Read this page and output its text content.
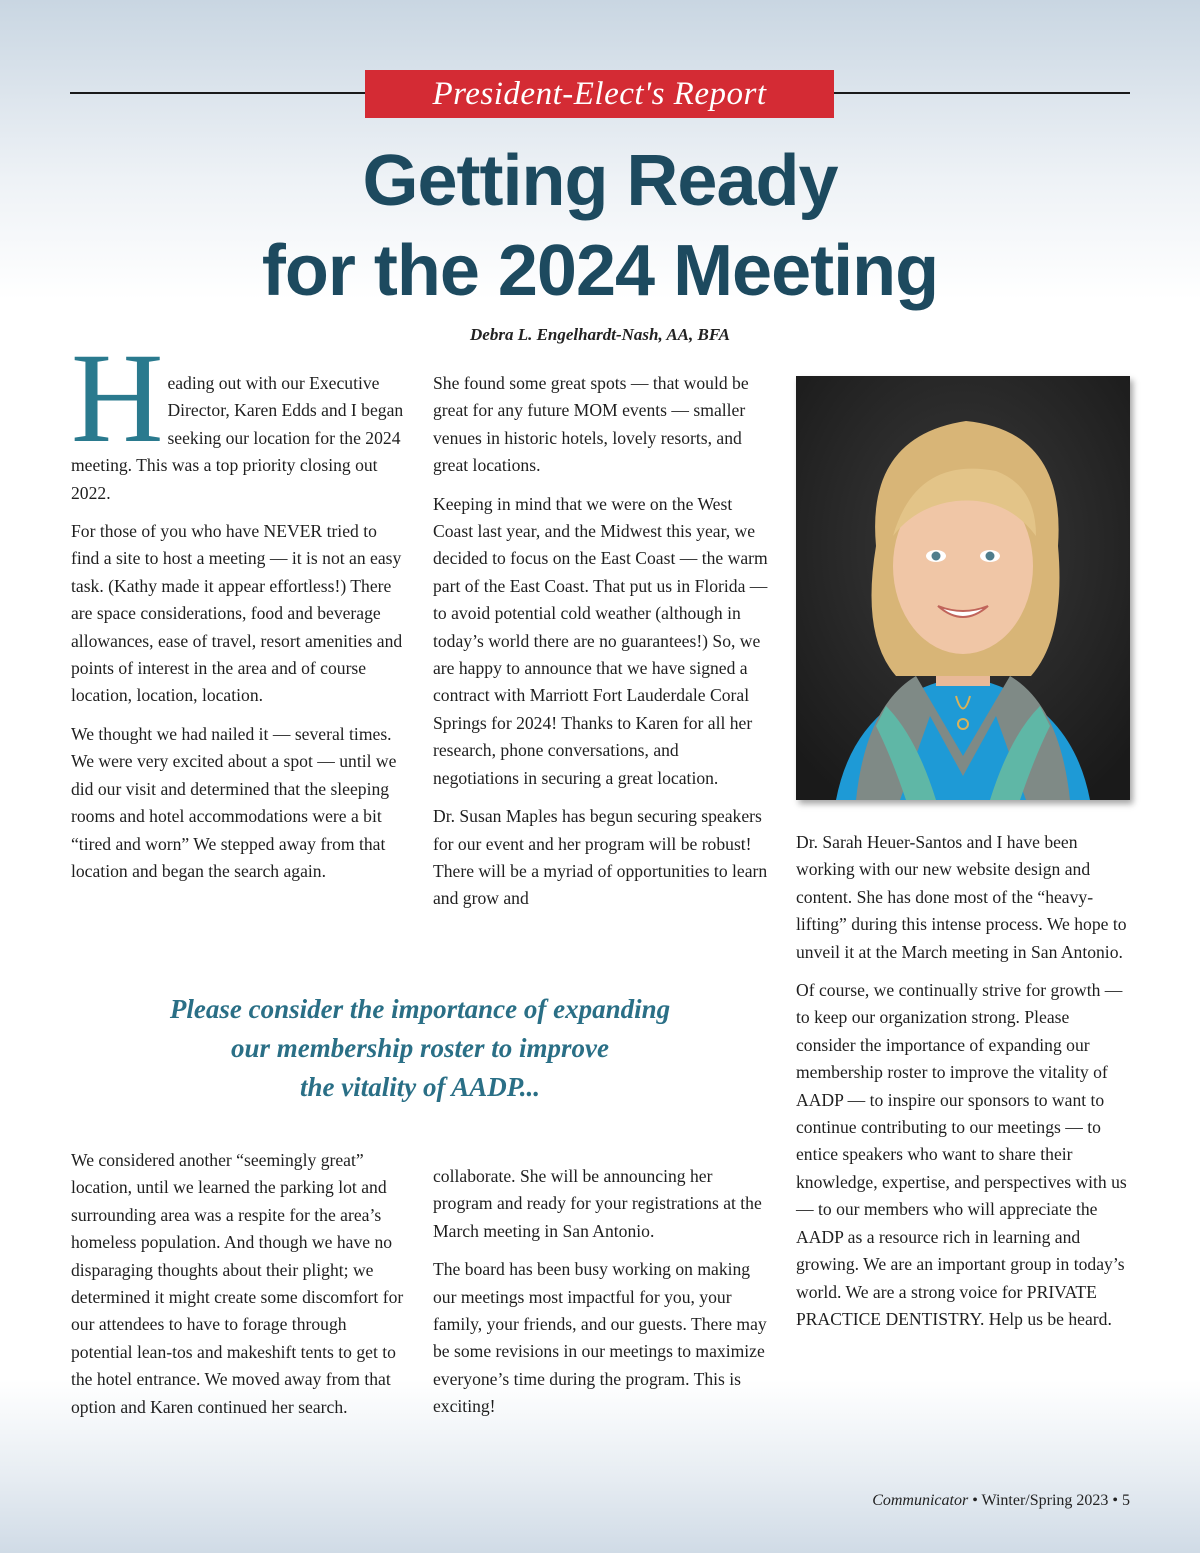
President-Elect's Report
Getting Ready
for the 2024 Meeting
Debra L. Engelhardt-Nash, AA, BFA

Heading out with our Executive Director, Karen Edds and I began seeking our location for the 2024 meeting. This was a top priority closing out 2022.

For those of you who have NEVER tried to find a site to host a meeting — it is not an easy task. (Kathy made it appear effortless!) There are space considerations, food and beverage allowances, ease of travel, resort amenities and points of interest in the area and of course location, location, location.

We thought we had nailed it — several times. We were very excited about a spot — until we did our visit and determined that the sleeping rooms and hotel accommodations were a bit “tired and worn” We stepped away from that location and began the search again.

She found some great spots — that would be great for any future MOM events — smaller venues in historic hotels, lovely resorts, and great locations.

Keeping in mind that we were on the West Coast last year, and the Midwest this year, we decided to focus on the East Coast — the warm part of the East Coast. That put us in Florida — to avoid potential cold weather (although in today’s world there are no guarantees!) So, we are happy to announce that we have signed a contract with Marriott Fort Lauderdale Coral Springs for 2024! Thanks to Karen for all her research, phone conversations, and negotiations in securing a great location.

Dr. Susan Maples has begun securing speakers for our event and her program will be robust! There will be a myriad of opportunities to learn and grow and

Dr. Sarah Heuer-Santos and I have been working with our new website design and content. She has done most of the “heavy-lifting” during this intense process. We hope to unveil it at the March meeting in San Antonio.

Of course, we continually strive for growth — to keep our organization strong. Please consider the importance of expanding our membership roster to improve the vitality of AADP — to inspire our sponsors to want to continue contributing to our meetings — to entice speakers who want to share their knowledge, expertise, and perspectives with us — to our members who will appreciate the AADP as a resource rich in learning and growing. We are an important group in today’s world. We are a strong voice for PRIVATE PRACTICE DENTISTRY. Help us be heard.

Please consider the importance of expanding
our membership roster to improve
the vitality of AADP...

We considered another “seemingly great” location, until we learned the parking lot and surrounding area was a respite for the area’s homeless population. And though we have no disparaging thoughts about their plight; we determined it might create some discomfort for our attendees to have to forage through potential lean-tos and makeshift tents to get to the hotel entrance. We moved away from that option and Karen continued her search.

collaborate. She will be announcing her program and ready for your registrations at the March meeting in San Antonio.

The board has been busy working on making our meetings most impactful for you, your family, your friends, and our guests. There may be some revisions in our meetings to maximize everyone’s time during the program. This is exciting!

Communicator • Winter/Spring 2023 • 5
